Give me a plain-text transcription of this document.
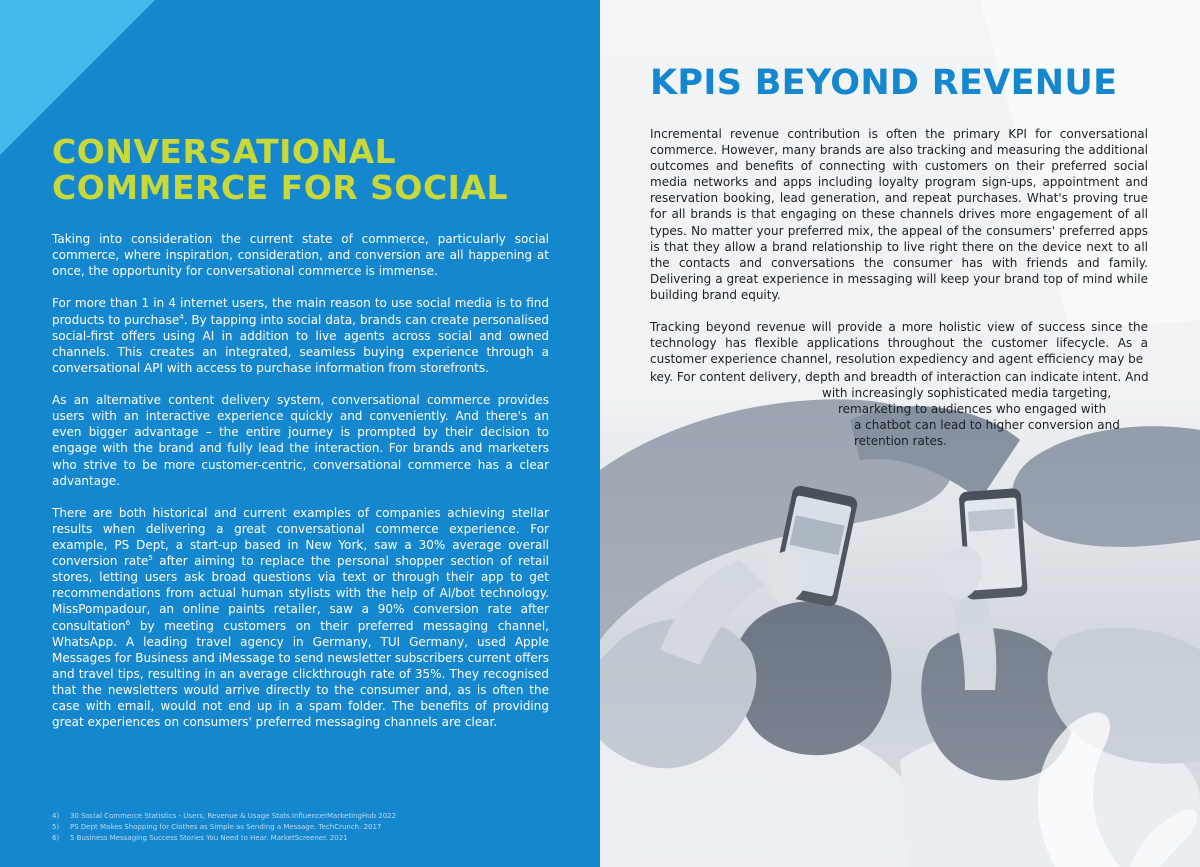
CONVERSATIONAL
COMMERCE FOR SOCIAL

Taking into consideration the current state of commerce, particularly social commerce, where inspiration, consideration, and conversion are all happening at once, the opportunity for conversational commerce is immense.

For more than 1 in 4 internet users, the main reason to use social media is to find products to purchase$^4$. By tapping into social data, brands can create personalised social-first offers using AI in addition to live agents across social and owned channels. This creates an integrated, seamless buying experience through a conversational API with access to purchase information from storefronts.

As an alternative content delivery system, conversational commerce provides users with an interactive experience quickly and conveniently. And there's an even bigger advantage – the entire journey is prompted by their decision to engage with the brand and fully lead the interaction. For brands and marketers who strive to be more customer-centric, conversational commerce has a clear advantage.

There are both historical and current examples of companies achieving stellar results when delivering a great conversational commerce experience. For example, PS Dept, a start-up based in New York, saw a 30% average overall conversion rate$^5$ after aiming to replace the personal shopper section of retail stores, letting users ask broad questions via text or through their app to get recommendations from actual human stylists with the help of AI/bot technology. MissPompadour, an online paints retailer, saw a 90% conversion rate after consultation$^6$ by meeting customers on their preferred messaging channel, WhatsApp. A leading travel agency in Germany, TUI Germany, used Apple Messages for Business and iMessage to send newsletter subscribers current offers and travel tips, resulting in an average clickthrough rate of 35%. They recognised that the newsletters would arrive directly to the consumer and, as is often the case with email, would not end up in a spam folder. The benefits of providing great experiences on consumers' preferred messaging channels are clear.

4) 30 Social Commerce Statistics - Users, Revenue & Usage Stats.InfluencerMarketingHub 2022
5) PS Dept Makes Shopping for Clothes as Simple as Sending a Message. TechCrunch. 2017
6) 5 Business Messaging Success Stories You Need to Hear. MarketScreener. 2021
KPIS BEYOND REVENUE

Incremental revenue contribution is often the primary KPI for conversational commerce. However, many brands are also tracking and measuring the additional outcomes and benefits of connecting with customers on their preferred social media networks and apps including loyalty program sign-ups, appointment and reservation booking, lead generation, and repeat purchases. What's proving true for all brands is that engaging on these channels drives more engagement of all types. No matter your preferred mix, the appeal of the consumers' preferred apps is that they allow a brand relationship to live right there on the device next to all the contacts and conversations the consumer has with friends and family. Delivering a great experience in messaging will keep your brand top of mind while building brand equity.

Tracking beyond revenue will provide a more holistic view of success since the technology has flexible applications throughout the customer lifecycle. As a customer experience channel, resolution expediency and agent efficiency may be

key. For content delivery, depth and breadth of interaction can indicate intent. And
with increasingly sophisticated media targeting,
remarketing to audiences who engaged with
a chatbot can lead to higher conversion and
retention rates.
